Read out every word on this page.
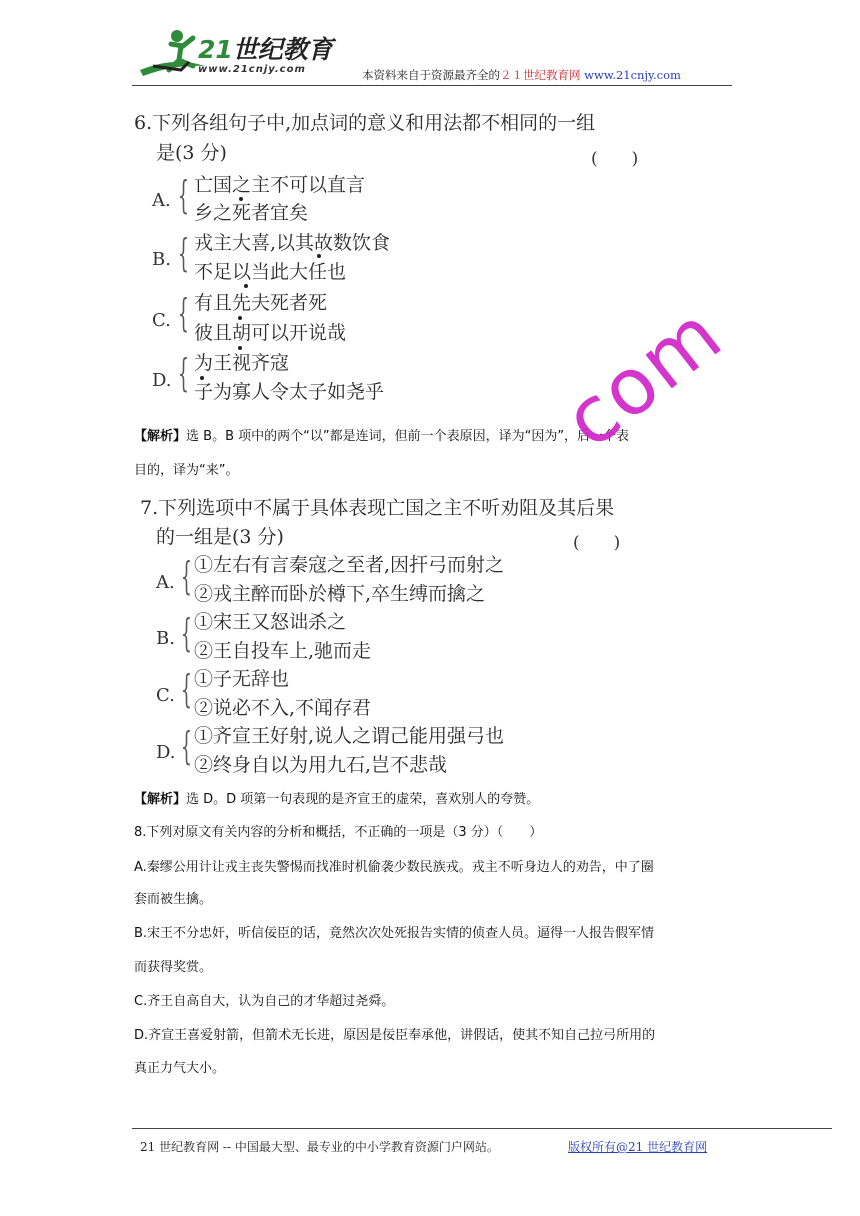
21世纪教育
www.21cnjy.com	本资料来自于资源最齐全的２１世纪教育网 www.21cnjy.com
6.下列各组句子中,加点词的意义和用法都不相同的一组
是(3 分)	(　　)
A. { 亡国之主不可以直言
乡之死者宜矣
B. { 戎主大喜,以其故数饮食
不足以当此大任也
C. { 有且先夫死者死
彼且胡可以开说哉
D. { 为王视齐寇
子为寡人令太子如尧乎
【解析】选 B。B 项中的两个“以”都是连词，但前一个表原因，译为“因为”，后一个表
目的，译为“来”。
com
7.下列选项中不属于具体表现亡国之主不听劝阻及其后果
的一组是(3 分)	(　　)
A. { ①左右有言秦寇之至者,因扞弓而射之
②戎主醉而卧於樽下,卒生缚而擒之
B. { ①宋王又怒诎杀之
②王自投车上,驰而走
C. { ①子无辞也
②说必不入,不闻存君
D. { ①齐宣王好射,说人之谓己能用强弓也
②终身自以为用九石,岂不悲哉
【解析】选 D。D 项第一句表现的是齐宣王的虚荣，喜欢别人的夸赞。
8.下列对原文有关内容的分析和概括，不正确的一项是（3 分）（　　）
A.秦缪公用计让戎主丧失警惕而找准时机偷袭少数民族戎。戎主不听身边人的劝告，中了圈
套而被生擒。
B.宋王不分忠奸，听信佞臣的话，竟然次次处死报告实情的侦查人员。逼得一人报告假军情
而获得奖赏。
C.齐王自高自大，认为自己的才华超过尧舜。
D.齐宣王喜爱射箭，但箭术无长进，原因是佞臣奉承他，讲假话，使其不知自己拉弓所用的
真正力气大小。
21 世纪教育网 -- 中国最大型、最专业的中小学教育资源门户网站。	版权所有@21 世纪教育网
